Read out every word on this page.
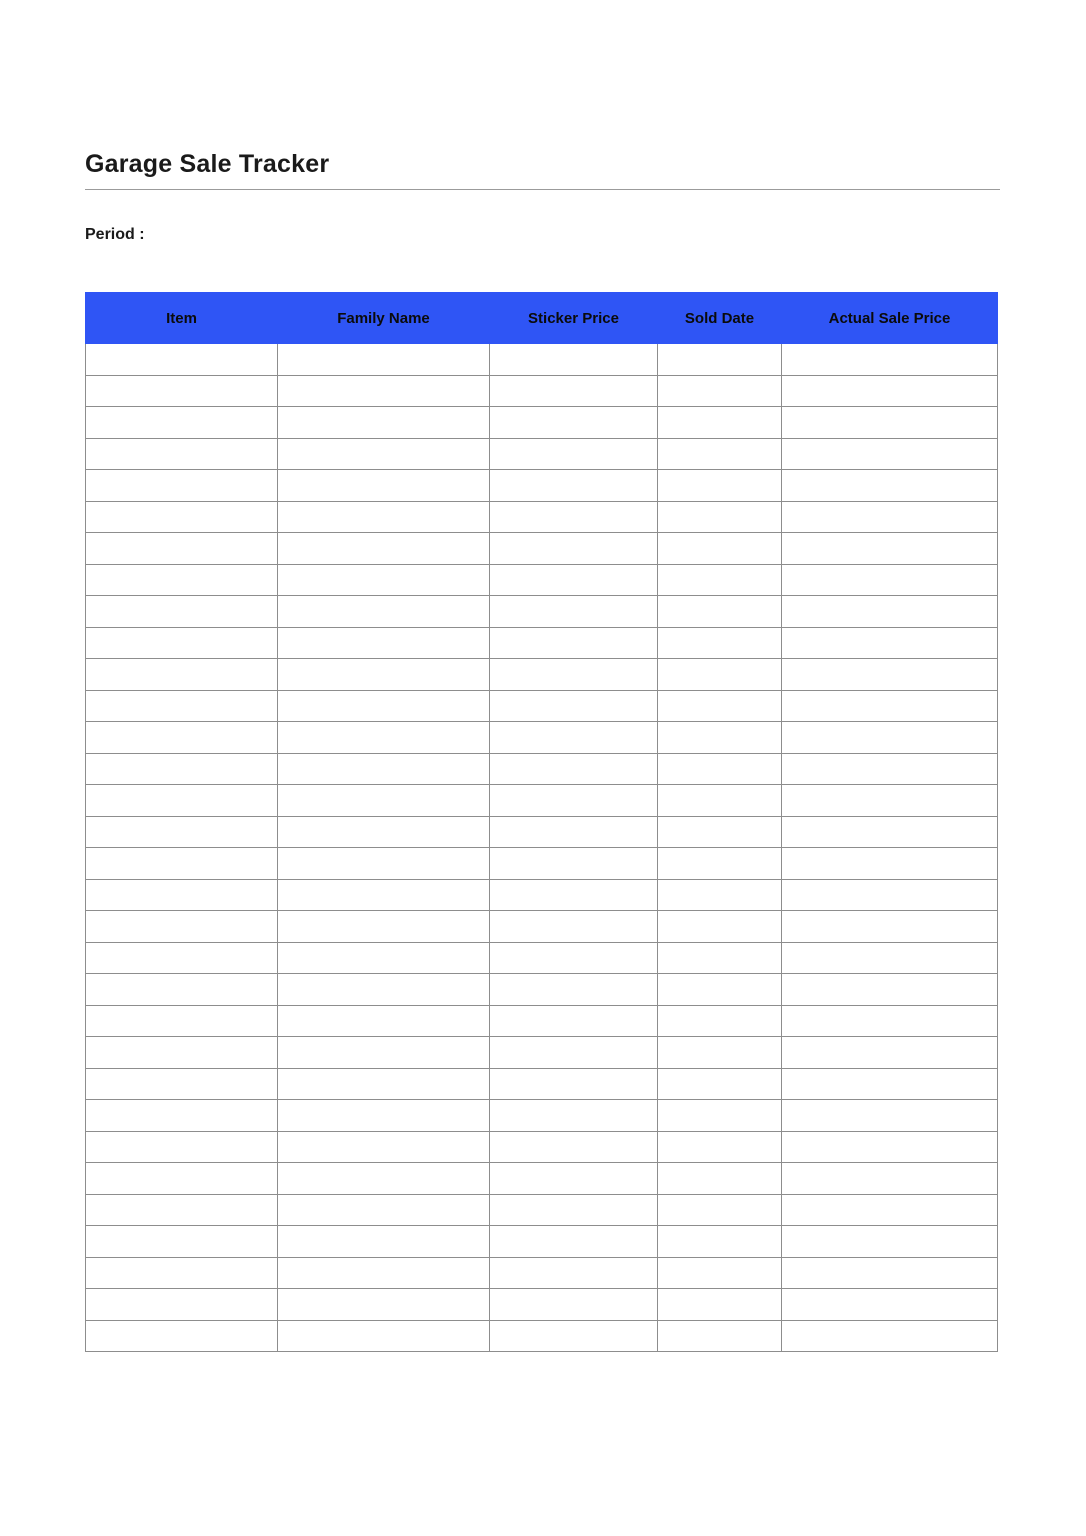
Garage Sale Tracker
Period :
Item	Family Name	Sticker Price	Sold Date	Actual Sale Price
